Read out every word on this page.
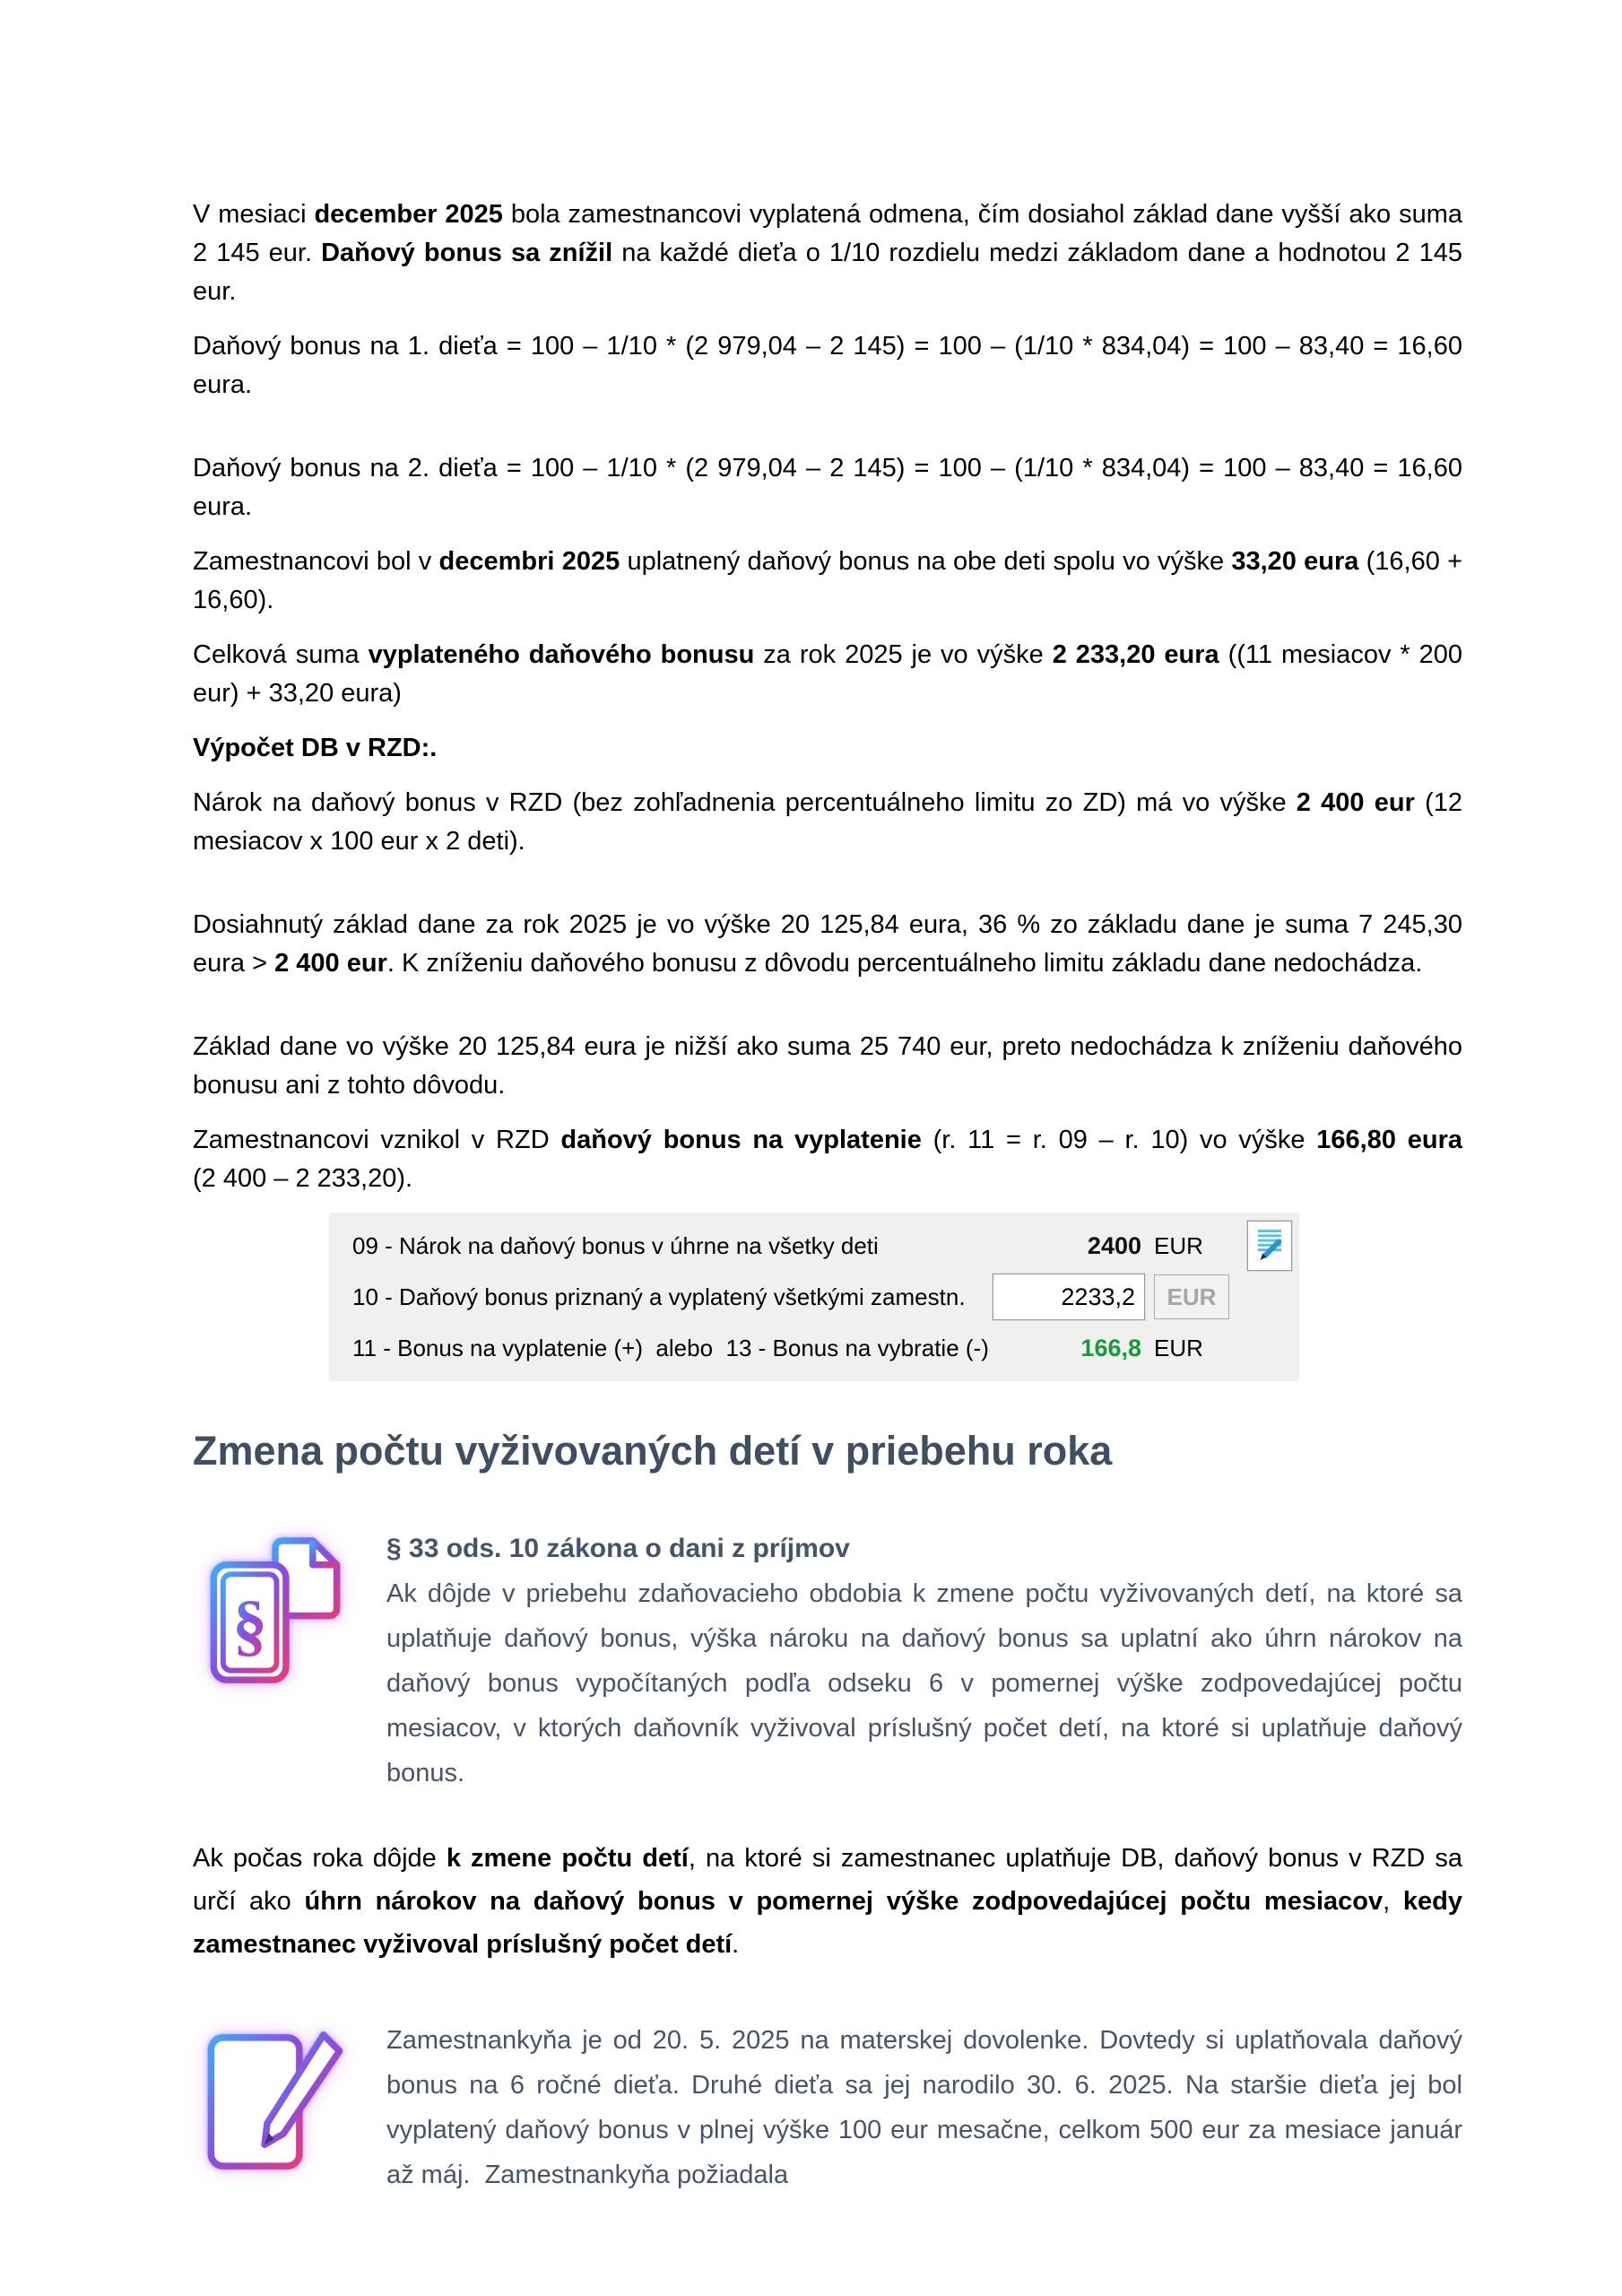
V mesiaci december 2025 bola zamestnancovi vyplatená odmena, čím dosiahol základ dane vyšší ako suma 2 145 eur. Daňový bonus sa znížil na každé dieťa o 1/10 rozdielu medzi základom dane a hodnotou 2 145 eur.

Daňový bonus na 1. dieťa = 100 – 1/10 * (2 979,04 – 2 145) = 100 – (1/10 * 834,04) = 100 – 83,40 = 16,60 eura.

Daňový bonus na 2. dieťa = 100 – 1/10 * (2 979,04 – 2 145) = 100 – (1/10 * 834,04) = 100 – 83,40 = 16,60 eura.

Zamestnancovi bol v decembri 2025 uplatnený daňový bonus na obe deti spolu vo výške 33,20 eura (16,60 + 16,60).

Celková suma vyplateného daňového bonusu za rok 2025 je vo výške 2 233,20 eura ((11 mesiacov * 200 eur) + 33,20 eura)

Výpočet DB v RZD:.

Nárok na daňový bonus v RZD (bez zohľadnenia percentuálneho limitu zo ZD) má vo výške 2 400 eur (12 mesiacov x 100 eur x 2 deti).

Dosiahnutý základ dane za rok 2025 je vo výške 20 125,84 eura, 36 % zo základu dane je suma 7 245,30 eura > 2 400 eur. K zníženiu daňového bonusu z dôvodu percentuálneho limitu základu dane nedochádza.

Základ dane vo výške 20 125,84 eura je nižší ako suma 25 740 eur, preto nedochádza k zníženiu daňového bonusu ani z tohto dôvodu.

Zamestnancovi vznikol v RZD daňový bonus na vyplatenie (r. 11 = r. 09 – r. 10) vo výške 166,80 eura (2 400 – 2 233,20).

09 - Nárok na daňový bonus v úhrne na všetky deti	2400 EUR
10 - Daňový bonus priznaný a vyplatený všetkými zamestn.	2233,2	EUR
11 - Bonus na vyplatenie (+)  alebo  13 - Bonus na vybratie (-)	166,8 EUR
Zmena počtu vyživovaných detí v priebehu roka
§
§ 33 ods. 10 zákona o dani z príjmov
Ak dôjde v priebehu zdaňovacieho obdobia k zmene počtu vyživovaných detí, na ktoré sa uplatňuje daňový bonus, výška nároku na daňový bonus sa uplatní ako úhrn nárokov na daňový bonus vypočítaných podľa odseku 6 v pomernej výške zodpovedajúcej počtu mesiacov, v ktorých daňovník vyživoval príslušný počet detí, na ktoré si uplatňuje daňový bonus.

Ak počas roka dôjde k zmene počtu detí, na ktoré si zamestnanec uplatňuje DB, daňový bonus v RZD sa určí ako úhrn nárokov na daňový bonus v pomernej výške zodpovedajúcej počtu mesiacov, kedy zamestnanec vyživoval príslušný počet detí.

Zamestnankyňa je od 20. 5. 2025 na materskej dovolenke. Dovtedy si uplatňovala daňový bonus na 6 ročné dieťa. Druhé dieťa sa jej narodilo 30. 6. 2025. Na staršie dieťa jej bol vyplatený daňový bonus v plnej výške 100 eur mesačne, celkom 500 eur za mesiace január až máj.  Zamestnankyňa požiadala
